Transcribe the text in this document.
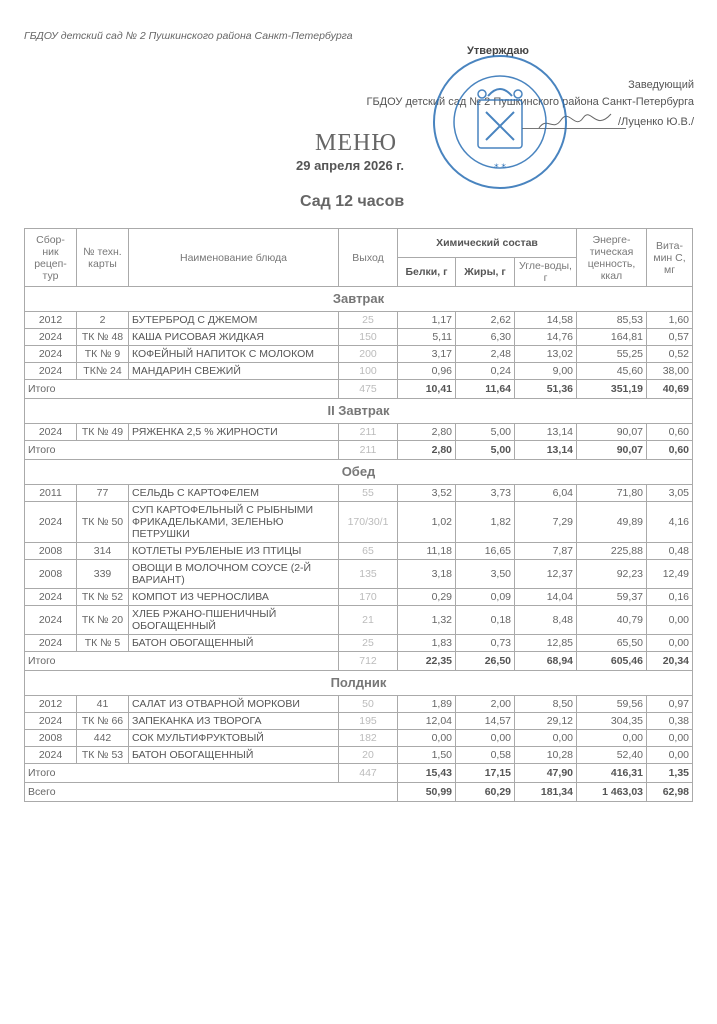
ГБДОУ детский сад № 2 Пушкинского района Санкт-Петербурга
Утверждаю
Заведующий
ГБДОУ детский сад № 2 Пушкинского района Санкт-Петербурга
/Луценко Ю.В./
МЕНЮ
29 апреля 2026 г.
Сад 12 часов
* *
Сбор-ник рецеп-тур	№ техн. карты	Наименование блюда	Выход	Химический состав			Энерге-тическая ценность, ккал	Вита-мин С, мг
				Белки, г	Жиры, г	Угле-воды, г		
Завтрак								
2012	2	БУТЕРБРОД С ДЖЕМОМ	25	1,17	2,62	14,58	85,53	1,60
2024	ТК № 48	КАША РИСОВАЯ ЖИДКАЯ	150	5,11	6,30	14,76	164,81	0,57
2024	ТК № 9	КОФЕЙНЫЙ НАПИТОК С МОЛОКОМ	200	3,17	2,48	13,02	55,25	0,52
2024	ТК№ 24	МАНДАРИН СВЕЖИЙ	100	0,96	0,24	9,00	45,60	38,00
Итого			475	10,41	11,64	51,36	351,19	40,69
II Завтрак								
2024	ТК № 49	РЯЖЕНКА 2,5 % ЖИРНОСТИ	211	2,80	5,00	13,14	90,07	0,60
Итого			211	2,80	5,00	13,14	90,07	0,60
Обед								
2011	77	СЕЛЬДЬ С КАРТОФЕЛЕМ	55	3,52	3,73	6,04	71,80	3,05
2024	ТК № 50	СУП КАРТОФЕЛЬНЫЙ С РЫБНЫМИ ФРИКАДЕЛЬКАМИ, ЗЕЛЕНЬЮ ПЕТРУШКИ	170/30/1	1,02	1,82	7,29	49,89	4,16
2008	314	КОТЛЕТЫ РУБЛЕНЫЕ ИЗ ПТИЦЫ	65	11,18	16,65	7,87	225,88	0,48
2008	339	ОВОЩИ В МОЛОЧНОМ СОУСЕ (2-Й ВАРИАНТ)	135	3,18	3,50	12,37	92,23	12,49
2024	ТК № 52	КОМПОТ ИЗ ЧЕРНОСЛИВА	170	0,29	0,09	14,04	59,37	0,16
2024	ТК № 20	ХЛЕБ РЖАНО-ПШЕНИЧНЫЙ ОБОГАЩЕННЫЙ	21	1,32	0,18	8,48	40,79	0,00
2024	ТК № 5	БАТОН ОБОГАЩЕННЫЙ	25	1,83	0,73	12,85	65,50	0,00
Итого			712	22,35	26,50	68,94	605,46	20,34
Полдник								
2012	41	САЛАТ ИЗ ОТВАРНОЙ МОРКОВИ	50	1,89	2,00	8,50	59,56	0,97
2024	ТК № 66	ЗАПЕКАНКА ИЗ ТВОРОГА	195	12,04	14,57	29,12	304,35	0,38
2008	442	СОК МУЛЬТИФРУКТОВЫЙ	182	0,00	0,00	0,00	0,00	0,00
2024	ТК № 53	БАТОН ОБОГАЩЕННЫЙ	20	1,50	0,58	10,28	52,40	0,00
Итого			447	15,43	17,15	47,90	416,31	1,35
Всего				50,99	60,29	181,34	1 463,03	62,98
